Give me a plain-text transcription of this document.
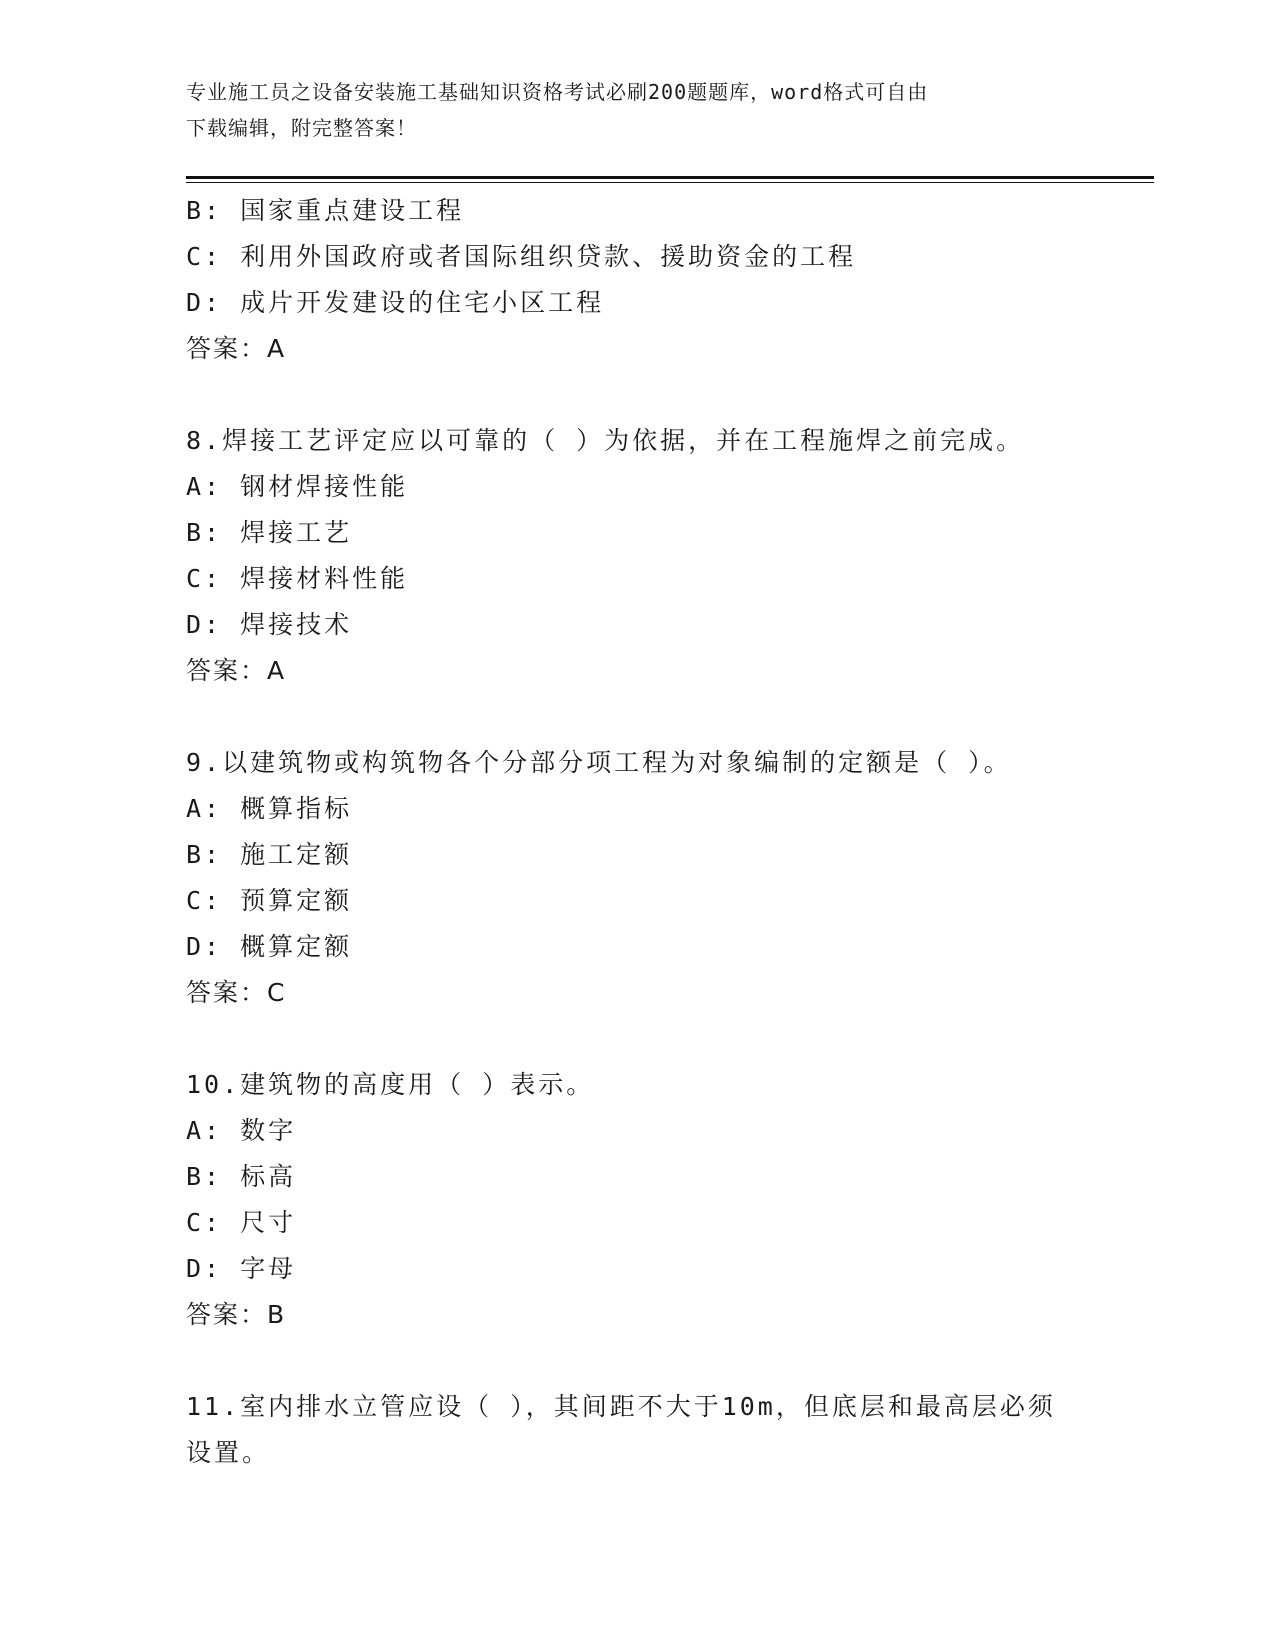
专业施工员之设备安装施工基础知识资格考试必刷200题题库，word格式可自由
下载编辑，附完整答案！
B: 国家重点建设工程
C: 利用外国政府或者国际组织贷款、援助资金的工程
D: 成片开发建设的住宅小区工程
答案：A
8.焊接工艺评定应以可靠的（ ）为依据，并在工程施焊之前完成。
A: 钢材焊接性能
B: 焊接工艺
C: 焊接材料性能
D: 焊接技术
答案：A
9.以建筑物或构筑物各个分部分项工程为对象编制的定额是（ ）。
A: 概算指标
B: 施工定额
C: 预算定额
D: 概算定额
答案：C
10.建筑物的高度用（ ）表示。
A: 数字
B: 标高
C: 尺寸
D: 字母
答案：B
11.室内排水立管应设（ ），其间距不大于10m，但底层和最高层必须
设置。
